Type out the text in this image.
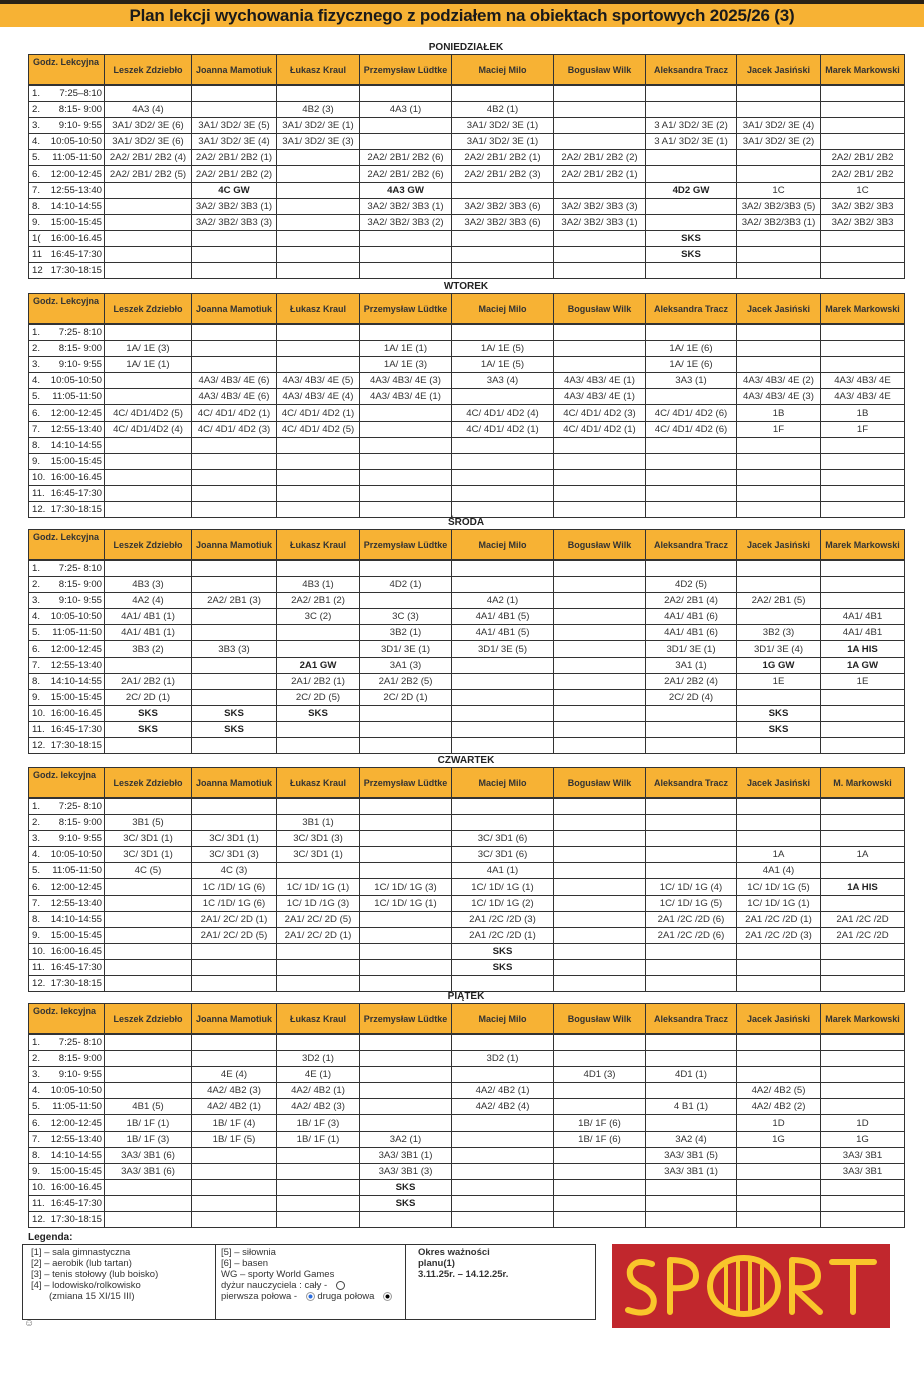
Plan lekcji wychowania fizycznego z podziałem na obiektach sportowych 2025/26 (3)
PONIEDZIAŁEK
Godz. Lekcyjna	Leszek Zdziebło	Joanna Mamotiuk	Łukasz Kraul	Przemysław Lüdtke	Maciej Milo	Bogusław Wilk	Aleksandra Tracz	Jacek Jasiński	Marek Markowski
1. 7:25–8:10									
2. 8:15- 9:00	4A3 (4)		4B2 (3)	4A3 (1)	4B2 (1)				
3. 9:10- 9:55	3A1/ 3D2/ 3E (6)	3A1/ 3D2/ 3E (5)	3A1/ 3D2/ 3E (1)		3A1/ 3D2/ 3E (1)		3 A1/ 3D2/ 3E (2)	3A1/ 3D2/ 3E (4)	
4. 10:05-10:50	3A1/ 3D2/ 3E (6)	3A1/ 3D2/ 3E (4)	3A1/ 3D2/ 3E (3)		3A1/ 3D2/ 3E (1)		3 A1/ 3D2/ 3E (1)	3A1/ 3D2/ 3E (2)	
5. 11:05-11:50	2A2/ 2B1/ 2B2 (4)	2A2/ 2B1/ 2B2 (1)		2A2/ 2B1/ 2B2 (6)	2A2/ 2B1/ 2B2 (1)	2A2/ 2B1/ 2B2 (2)			2A2/ 2B1/ 2B2
6. 12:00-12:45	2A2/ 2B1/ 2B2 (5)	2A2/ 2B1/ 2B2 (2)		2A2/ 2B1/ 2B2 (6)	2A2/ 2B1/ 2B2 (3)	2A2/ 2B1/ 2B2 (1)			2A2/ 2B1/ 2B2
7. 12:55-13:40		4C GW		4A3 GW			4D2 GW	1C	1C
8. 14:10-14:55		3A2/ 3B2/ 3B3 (1)		3A2/ 3B2/ 3B3 (1)	3A2/ 3B2/ 3B3 (6)	3A2/ 3B2/ 3B3 (3)		3A2/ 3B2/3B3 (5)	3A2/ 3B2/ 3B3
9. 15:00-15:45		3A2/ 3B2/ 3B3 (3)		3A2/ 3B2/ 3B3 (2)	3A2/ 3B2/ 3B3 (6)	3A2/ 3B2/ 3B3 (1)		3A2/ 3B2/3B3 (1)	3A2/ 3B2/ 3B3
1( 16:00-16.45							SKS		
11 16:45-17:30							SKS		
12 17:30-18:15									
WTOREK
Godz. Lekcyjna	Leszek Zdziebło	Joanna Mamotiuk	Łukasz Kraul	Przemysław Lüdtke	Maciej Milo	Bogusław Wilk	Aleksandra Tracz	Jacek Jasiński	Marek Markowski
1. 7:25- 8:10									
2. 8:15- 9:00	1A/ 1E (3)			1A/ 1E (1)	1A/ 1E (5)		1A/ 1E (6)		
3. 9:10- 9:55	1A/ 1E (1)			1A/ 1E (3)	1A/ 1E (5)		1A/ 1E (6)		
4. 10:05-10:50		4A3/ 4B3/ 4E (6)	4A3/ 4B3/ 4E (5)	4A3/ 4B3/ 4E (3)	3A3 (4)	4A3/ 4B3/ 4E (1)	3A3 (1)	4A3/ 4B3/ 4E (2)	4A3/ 4B3/ 4E
5. 11:05-11:50		4A3/ 4B3/ 4E (6)	4A3/ 4B3/ 4E (4)	4A3/ 4B3/ 4E (1)		4A3/ 4B3/ 4E (1)		4A3/ 4B3/ 4E (3)	4A3/ 4B3/ 4E
6. 12:00-12:45	4C/ 4D1/4D2 (5)	4C/ 4D1/ 4D2 (1)	4C/ 4D1/ 4D2 (1)		4C/ 4D1/ 4D2 (4)	4C/ 4D1/ 4D2 (3)	4C/ 4D1/ 4D2 (6)	1B	1B
7. 12:55-13:40	4C/ 4D1/4D2 (4)	4C/ 4D1/ 4D2 (3)	4C/ 4D1/ 4D2 (5)		4C/ 4D1/ 4D2 (1)	4C/ 4D1/ 4D2 (1)	4C/ 4D1/ 4D2 (6)	1F	1F
8. 14:10-14:55									
9. 15:00-15:45									
10. 16:00-16.45									
11. 16:45-17:30									
12. 17:30-18:15									
ŚRODA
Godz. Lekcyjna	Leszek Zdziebło	Joanna Mamotiuk	Łukasz Kraul	Przemysław Lüdtke	Maciej Milo	Bogusław Wilk	Aleksandra Tracz	Jacek Jasiński	Marek Markowski
1. 7:25- 8:10									
2. 8:15- 9:00	4B3 (3)		4B3 (1)	4D2 (1)			4D2 (5)		
3. 9:10- 9:55	4A2 (4)	2A2/ 2B1 (3)	2A2/ 2B1 (2)		4A2 (1)		2A2/ 2B1 (4)	2A2/ 2B1 (5)	
4. 10:05-10:50	4A1/ 4B1 (1)		3C (2)	3C (3)	4A1/ 4B1 (5)		4A1/ 4B1 (6)		4A1/ 4B1
5. 11:05-11:50	4A1/ 4B1 (1)			3B2 (1)	4A1/ 4B1 (5)		4A1/ 4B1 (6)	3B2 (3)	4A1/ 4B1
6. 12:00-12:45	3B3 (2)	3B3 (3)		3D1/ 3E (1)	3D1/ 3E (5)		3D1/ 3E (1)	3D1/ 3E (4)	1A HIS
7. 12:55-13:40			2A1 GW	3A1 (3)			3A1 (1)	1G GW	1A GW
8. 14:10-14:55	2A1/ 2B2 (1)		2A1/ 2B2 (1)	2A1/ 2B2 (5)			2A1/ 2B2 (4)	1E	1E
9. 15:00-15:45	2C/ 2D (1)		2C/ 2D (5)	2C/ 2D (1)			2C/ 2D (4)		
10. 16:00-16.45	SKS	SKS	SKS					SKS	
11. 16:45-17:30	SKS	SKS						SKS	
12. 17:30-18:15									
CZWARTEK
Godz. lekcyjna	Leszek Zdziebło	Joanna Mamotiuk	Łukasz Kraul	Przemysław Lüdtke	Maciej Milo	Bogusław Wilk	Aleksandra Tracz	Jacek Jasiński	M. Markowski
1. 7:25- 8:10									
2. 8:15- 9:00	3B1 (5)		3B1 (1)						
3. 9:10- 9:55	3C/ 3D1 (1)	3C/ 3D1 (1)	3C/ 3D1 (3)		3C/ 3D1 (6)				
4. 10:05-10:50	3C/ 3D1 (1)	3C/ 3D1 (3)	3C/ 3D1 (1)		3C/ 3D1 (6)			1A	1A
5. 11:05-11:50	4C (5)	4C (3)			4A1 (1)			4A1 (4)	
6. 12:00-12:45		1C /1D/ 1G (6)	1C/ 1D/ 1G (1)	1C/ 1D/ 1G (3)	1C/ 1D/ 1G (1)		1C/ 1D/ 1G (4)	1C/ 1D/ 1G (5)	1A HIS
7. 12:55-13:40		1C /1D/ 1G (6)	1C/ 1D /1G (3)	1C/ 1D/ 1G (1)	1C/ 1D/ 1G (2)		1C/ 1D/ 1G (5)	1C/ 1D/ 1G (1)	
8. 14:10-14:55		2A1/ 2C/ 2D (1)	2A1/ 2C/ 2D (5)		2A1 /2C /2D (3)		2A1 /2C /2D (6)	2A1 /2C /2D (1)	2A1 /2C /2D
9. 15:00-15:45		2A1/ 2C/ 2D (5)	2A1/ 2C/ 2D (1)		2A1 /2C /2D (1)		2A1 /2C /2D (6)	2A1 /2C /2D (3)	2A1 /2C /2D
10. 16:00-16.45					SKS				
11. 16:45-17:30					SKS				
12. 17:30-18:15									
PIĄTEK
Godz. lekcyjna	Leszek Zdziebło	Joanna Mamotiuk	Łukasz Kraul	Przemysław Lüdtke	Maciej Milo	Bogusław Wilk	Aleksandra Tracz	Jacek Jasiński	Marek Markowski
1. 7:25- 8:10									
2. 8:15- 9:00			3D2 (1)		3D2 (1)				
3. 9:10- 9:55		4E (4)	4E (1)			4D1 (3)	4D1 (1)		
4. 10:05-10:50		4A2/ 4B2 (3)	4A2/ 4B2 (1)		4A2/ 4B2 (1)			4A2/ 4B2 (5)	
5. 11:05-11:50	4B1 (5)	4A2/ 4B2 (1)	4A2/ 4B2 (3)		4A2/ 4B2 (4)		4 B1 (1)	4A2/ 4B2 (2)	
6. 12:00-12:45	1B/ 1F (1)	1B/ 1F (4)	1B/ 1F (3)			1B/ 1F (6)		1D	1D
7. 12:55-13:40	1B/ 1F (3)	1B/ 1F (5)	1B/ 1F (1)	3A2 (1)		1B/ 1F (6)	3A2 (4)	1G	1G
8. 14:10-14:55	3A3/ 3B1 (6)			3A3/ 3B1 (1)			3A3/ 3B1 (5)		3A3/ 3B1
9. 15:00-15:45	3A3/ 3B1 (6)			3A3/ 3B1 (3)			3A3/ 3B1 (1)		3A3/ 3B1
10. 16:00-16.45				SKS					
11. 16:45-17:30				SKS					
12. 17:30-18:15									
Legenda:
[1] – sala gimnastyczna
[2] – aerobik (lub tartan)
[3] – tenis stołowy (lub boisko)
[4] – lodowisko/rolkowisko
(zmiana 15 XI/15 III)
[5] – siłownia
[6] – basen
WG – sporty World Games
dyżur nauczyciela : cały -
pierwsza połowa - druga połowa
Okres ważności
planu(1)
3.11.25r. – 14.12.25r.
☺
